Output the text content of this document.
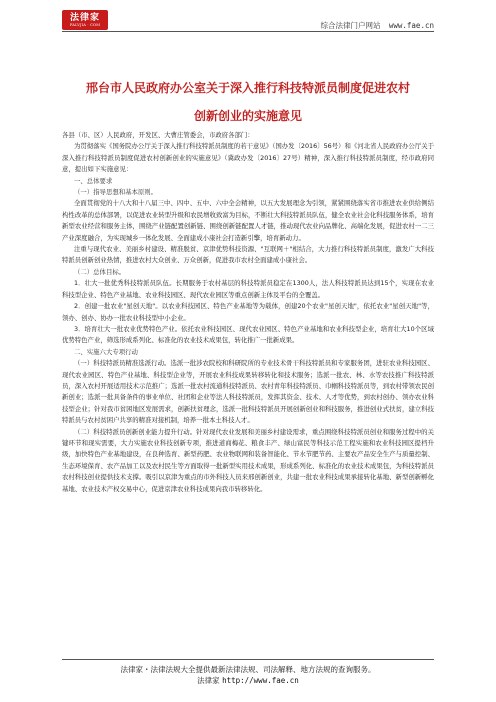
法律家
FALVJIA · COM	综合法律门户网站 www.fae.cn
邢台市人民政府办公室关于深入推行科技特派员制度促进农村
创新创业的实施意见

各县（市、区）人民政府，开发区、大曹庄管委会，市政府各部门：

为贯彻落实《国务院办公厅关于深入推行科技特派员制度的若干意见》（国办发〔2016〕56号）和《河北省人民政府办公厅关于深入推行科技特派员制度促进农村创新创业的实施意见》（冀政办发〔2016〕27号）精神，深入推行科技特派员制度，经市政府同意，提出如下实施意见：

一、总体要求

（一）指导思想和基本原则。

全面贯彻党的十八大和十八届三中、四中、五中、六中全会精神，以五大发展理念为引领，紧紧围绕落实省市推进农业供给侧结构性改革的总体部署，以促进农业转型升级和农民增收致富为目标，不断壮大科技特派员队伍，健全农业社会化科技服务体系，培育新型农业经营和服务主体，围绕产业链配置创新链、围绕创新链配置人才链，推动现代农业向品牌化、高端化发展，促进农村一二三产业深度融合，为实现城乡一体化发展、全面建成小康社会打造新引擎，培育新动力。

注重与现代农业、美丽乡村建设、精准脱贫、京津优势科技资源、"互联网＋"相结合，大力推行科技特派员制度，激发广大科技特派员创新创业热情，推进农村大众创业、万众创新，促进我市农村全面建成小康社会。

（二）总体目标。

1．壮大一批优秀科技特派员队伍。长期服务于农村基层的科技特派员稳定在1300人，法人科技特派员达到15个，实现在农业科技型企业、特色产业基地、农业科技园区、现代农业园区等重点创新主体及平台的全覆盖。

2．创建一批农业"星创天地"。以农业科技园区、特色产业基地等为载体，创建20个农业"星创天地"，依托农业"星创天地"等，领办、创办、协办一批农业科技型中小企业。

3．培育壮大一批农业优势特色产业。依托农业科技园区、现代农业园区、特色产业基地和农业科技型企业，培育壮大10个区域优势特色产业，筛选形成系列化、标准化的农业技术成果包，转化推广一批新成果。

二、实施六大专项行动

（一）科技特派员精准选派行动。选派一批涉农院校和科研院所的专业技术骨干科技特派员和专家服务团，进驻农业科技园区、现代农业园区、特色产业基地、科技型企业等，开展农业科技成果转移转化和技术服务；选派一批农、林、水等农技推广科技特派员，深入农村开展适用技术示范推广；选派一批农村流通科技特派员、农村青年科技特派员、巾帼科技特派员等，到农村带领农民创新创业；选派一批具备条件的事业单位、社团和企业等法人科技特派员，发挥其资金、技术、人才等优势，到农村创办、领办农业科技型企业；针对我市贫困地区发展需求，创新扶贫理念，选派一批科技特派员开展创新创业和科技服务，推进创业式扶贫，建立科技特派员与农村贫困户共享的精准对接机制，培养一批本土科技人才。

（二）科技特派员创新创业能力提升行动。针对现代农业发展和美丽乡村建设需求，重点围绕科技特派员创业和服务过程中的关键环节和现实需要，大力实施农业科技创新专项，推进道商梅花、粮食丰产、绿山富民等科技示范工程实施和农业科技园区提档升级，加快特色产业基地建设，在良种选育、新型药肥、农业物联网和装备智能化、节水节肥节药、主要农产品安全生产与质量控制、生态环境保育、农产品加工以及农村民生等方面取得一批新型实用技术成果，形成系列化、标准化的农业技术成果包，为科技特派员农村科技创业提供技术支撑。吸引以京津为重点的市外科技人员来邢创新创业，共建一批农业科技成果承接转化基地、新型创新孵化基地、农业技术产权交易中心，促进京津农业科技成果向我市转移转化。

法律家・法律法规大全提供最新法律法规、司法解释、地方法规的查询服务。
法律家 http://www.fae.cn
